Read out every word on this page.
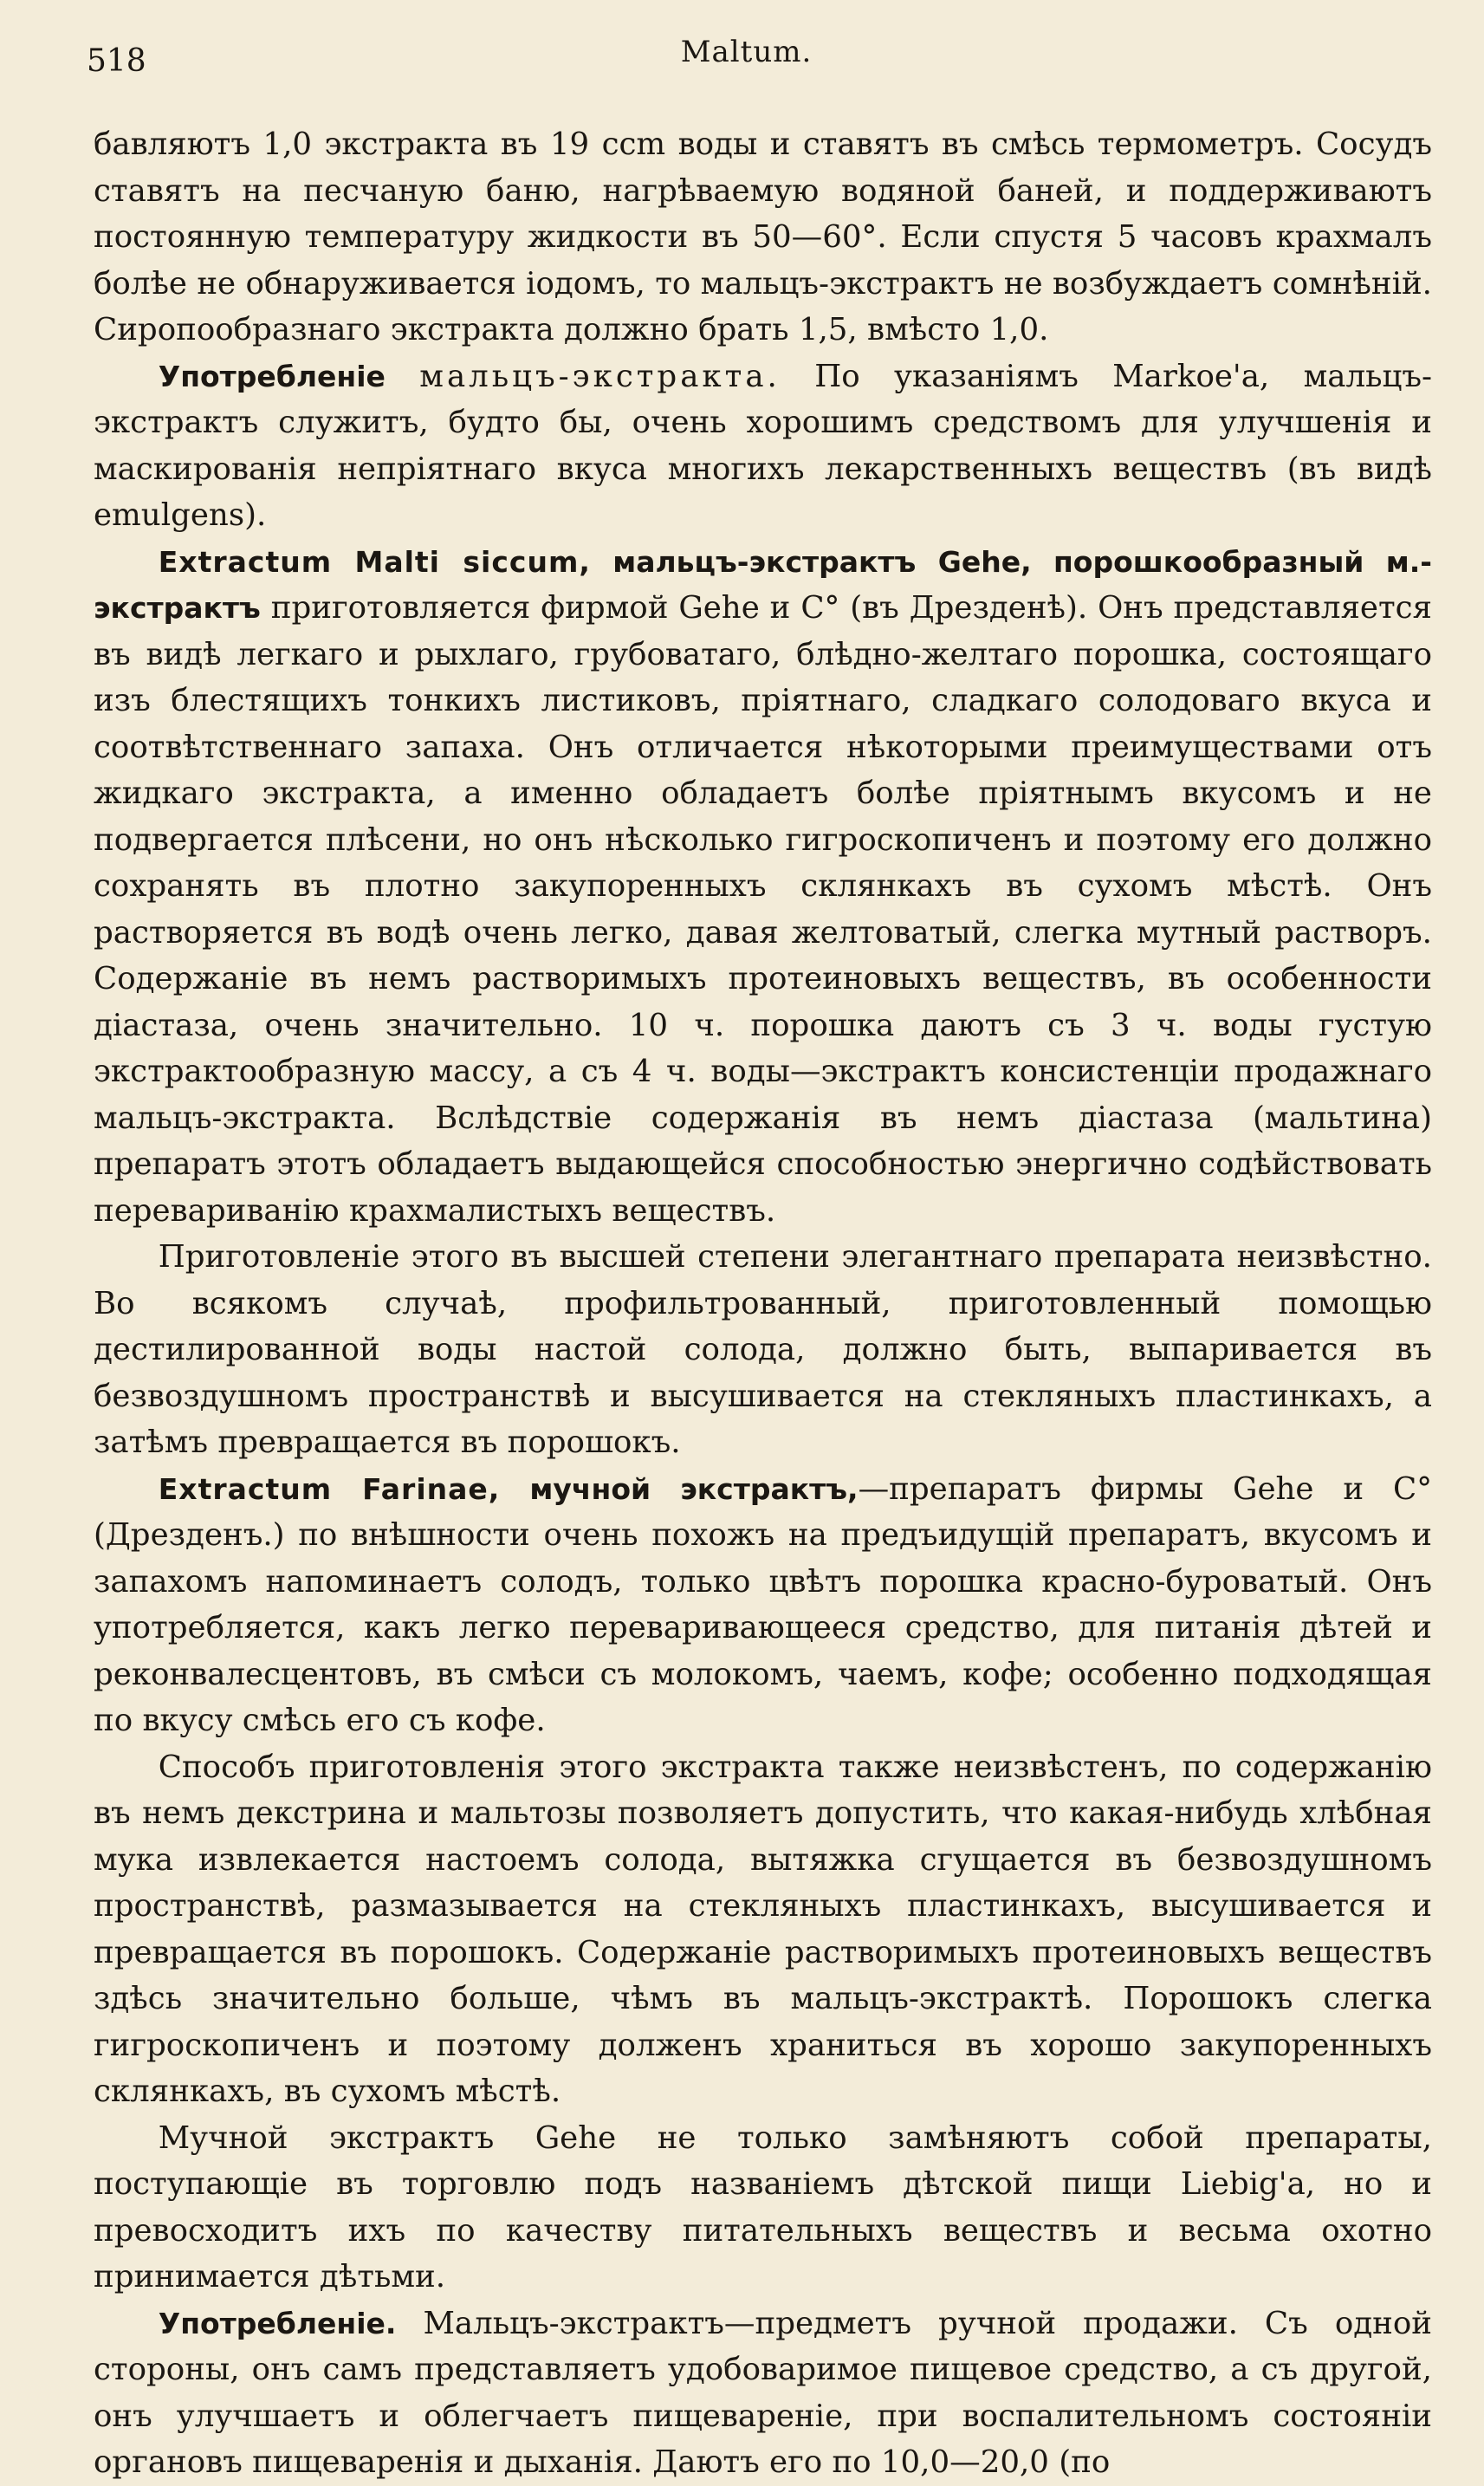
518	Maltum.

бавляютъ 1,0 экстракта въ 19 ccm воды и ставятъ въ смѣсь термометръ. Сосудъ ставятъ на песчаную баню, нагрѣваемую водяной баней, и поддерживаютъ постоянную температуру жидкости въ 50—60°. Если спустя 5 часовъ крахмалъ болѣе не обнаруживается іодомъ, то мальцъ-экстрактъ не возбуждаетъ сомнѣній. Сиропообразнаго экстракта должно брать 1,5, вмѣсто 1,0.

Употребленіе мальцъ-экстракта. По указаніямъ Markoe'a, мальцъ-экстрактъ служитъ, будто бы, очень хорошимъ средствомъ для улучшенія и маскированія непріятнаго вкуса многихъ лекарственныхъ веществъ (въ видѣ emulgens).

Extractum Malti siccum, мальцъ-экстрактъ Gehe, порошкообразный м.-экстрактъ приготовляется фирмой Gehe и C° (въ Дрезденѣ). Онъ представляется въ видѣ легкаго и рыхлаго, грубоватаго, блѣдно-желтаго порошка, состоящаго изъ блестящихъ тонкихъ листиковъ, пріятнаго, сладкаго солодоваго вкуса и соотвѣтственнаго запаха. Онъ отличается нѣкоторыми преимуществами отъ жидкаго экстракта, а именно обладаетъ болѣе пріятнымъ вкусомъ и не подвергается плѣсени, но онъ нѣсколько гигроскопиченъ и поэтому его должно сохранять въ плотно закупоренныхъ склянкахъ въ сухомъ мѣстѣ. Онъ растворяется въ водѣ очень легко, давая желтоватый, слегка мутный растворъ. Содержаніе въ немъ растворимыхъ протеиновыхъ веществъ, въ особенности діастаза, очень значительно. 10 ч. порошка даютъ съ 3 ч. воды густую экстрактообразную массу, а съ 4 ч. воды—экстрактъ консистенціи продажнаго мальцъ-экстракта. Вслѣдствіе содержанія въ немъ діастаза (мальтина) препаратъ этотъ обладаетъ выдающейся способностью энергично содѣйствовать перевариванію крахмалистыхъ веществъ.

Приготовленіе этого въ высшей степени элегантнаго препарата неизвѣстно. Во всякомъ случаѣ, профильтрованный, приготовленный помощью дестилированной воды настой солода, должно быть, выпаривается въ безвоздушномъ пространствѣ и высушивается на стекляныхъ пластинкахъ, а затѣмъ превращается въ порошокъ.

Extractum Farinae, мучной экстрактъ,—препаратъ фирмы Gehe и C° (Дрезденъ.) по внѣшности очень похожъ на предъидущій препаратъ, вкусомъ и запахомъ напоминаетъ солодъ, только цвѣтъ порошка красно-буроватый. Онъ употребляется, какъ легко переваривающееся средство, для питанія дѣтей и реконвалесцентовъ, въ смѣси съ молокомъ, чаемъ, кофе; особенно подходящая по вкусу смѣсь его съ кофе.

Способъ приготовленія этого экстракта также неизвѣстенъ, по содержанію въ немъ декстрина и мальтозы позволяетъ допустить, что какая-нибудь хлѣбная мука извлекается настоемъ солода, вытяжка сгущается въ безвоздушномъ пространствѣ, размазывается на стекляныхъ пластинкахъ, высушивается и превращается въ порошокъ. Содержаніе растворимыхъ протеиновыхъ веществъ здѣсь значительно больше, чѣмъ въ мальцъ-экстрактѣ. Порошокъ слегка гигроскопиченъ и поэтому долженъ храниться въ хорошо закупоренныхъ склянкахъ, въ сухомъ мѣстѣ.

Мучной экстрактъ Gehe не только замѣняютъ собой препараты, поступающіе въ торговлю подъ названіемъ дѣтской пищи Liebig'a, но и превосходитъ ихъ по качеству питательныхъ веществъ и весьма охотно принимается дѣтьми.

Употребленіе. Мальцъ-экстрактъ—предметъ ручной продажи. Съ одной стороны, онъ самъ представляетъ удобоваримое пищевое средство, а съ другой, онъ улучшаетъ и облегчаетъ пищевареніе, при воспалительномъ состояніи органовъ пищеваренія и дыханія. Даютъ его по 10,0—20,0 (по
